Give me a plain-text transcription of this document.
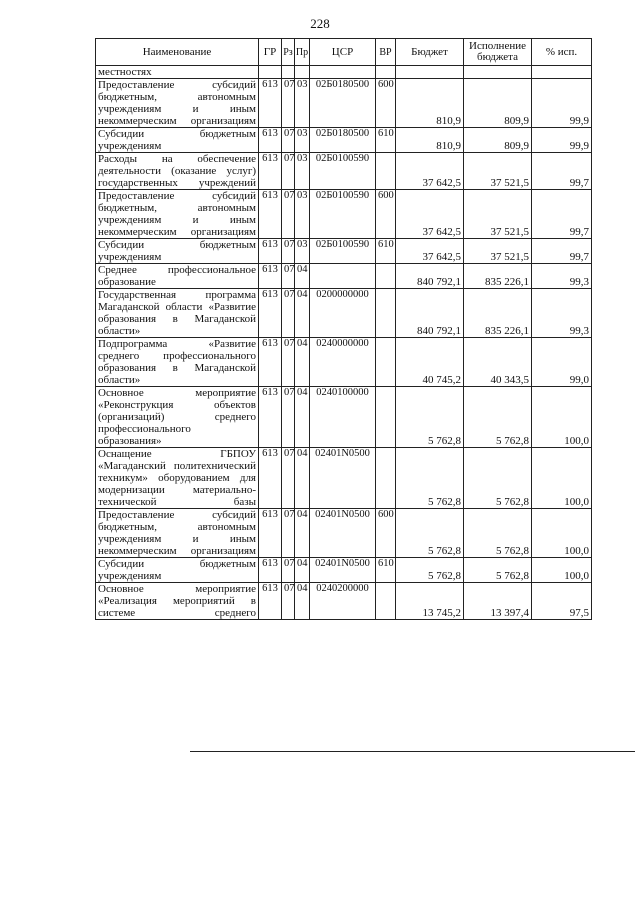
228
Наименование	ГР	Рз	Пр	ЦСР	ВР	Бюджет	Исполнение бюджета	% исп.
местностях								
Предоставление субсидий бюджетным, автономным учреждениям и иным некоммерческим организациям	613	07	03	02Б0180500	600	810,9	809,9	99,9
Субсидии бюджетным учреждениям	613	07	03	02Б0180500	610	810,9	809,9	99,9
Расходы на обеспечение деятельности (оказание услуг) государственных учреждений	613	07	03	02Б0100590		37 642,5	37 521,5	99,7
Предоставление субсидий бюджетным, автономным учреждениям и иным некоммерческим организациям	613	07	03	02Б0100590	600	37 642,5	37 521,5	99,7
Субсидии бюджетным учреждениям	613	07	03	02Б0100590	610	37 642,5	37 521,5	99,7
Среднее профессиональное образование	613	07	04			840 792,1	835 226,1	99,3
Государственная программа Магаданской области «Развитие образования в Магаданской области»	613	07	04	0200000000		840 792,1	835 226,1	99,3
Подпрограмма «Развитие среднего профессионального образования в Магаданской области»	613	07	04	0240000000		40 745,2	40 343,5	99,0
Основное мероприятие «Реконструкция объектов (организаций) среднего профессионального образования»	613	07	04	0240100000		5 762,8	5 762,8	100,0
Оснащение ГБПОУ «Магаданский политехнический техникум» оборудованием для модернизации материально-технической базы	613	07	04	02401N0500		5 762,8	5 762,8	100,0
Предоставление субсидий бюджетным, автономным учреждениям и иным некоммерческим организациям	613	07	04	02401N0500	600	5 762,8	5 762,8	100,0
Субсидии бюджетным учреждениям	613	07	04	02401N0500	610	5 762,8	5 762,8	100,0
Основное мероприятие «Реализация мероприятий в системе среднего	613	07	04	0240200000		13 745,2	13 397,4	97,5
